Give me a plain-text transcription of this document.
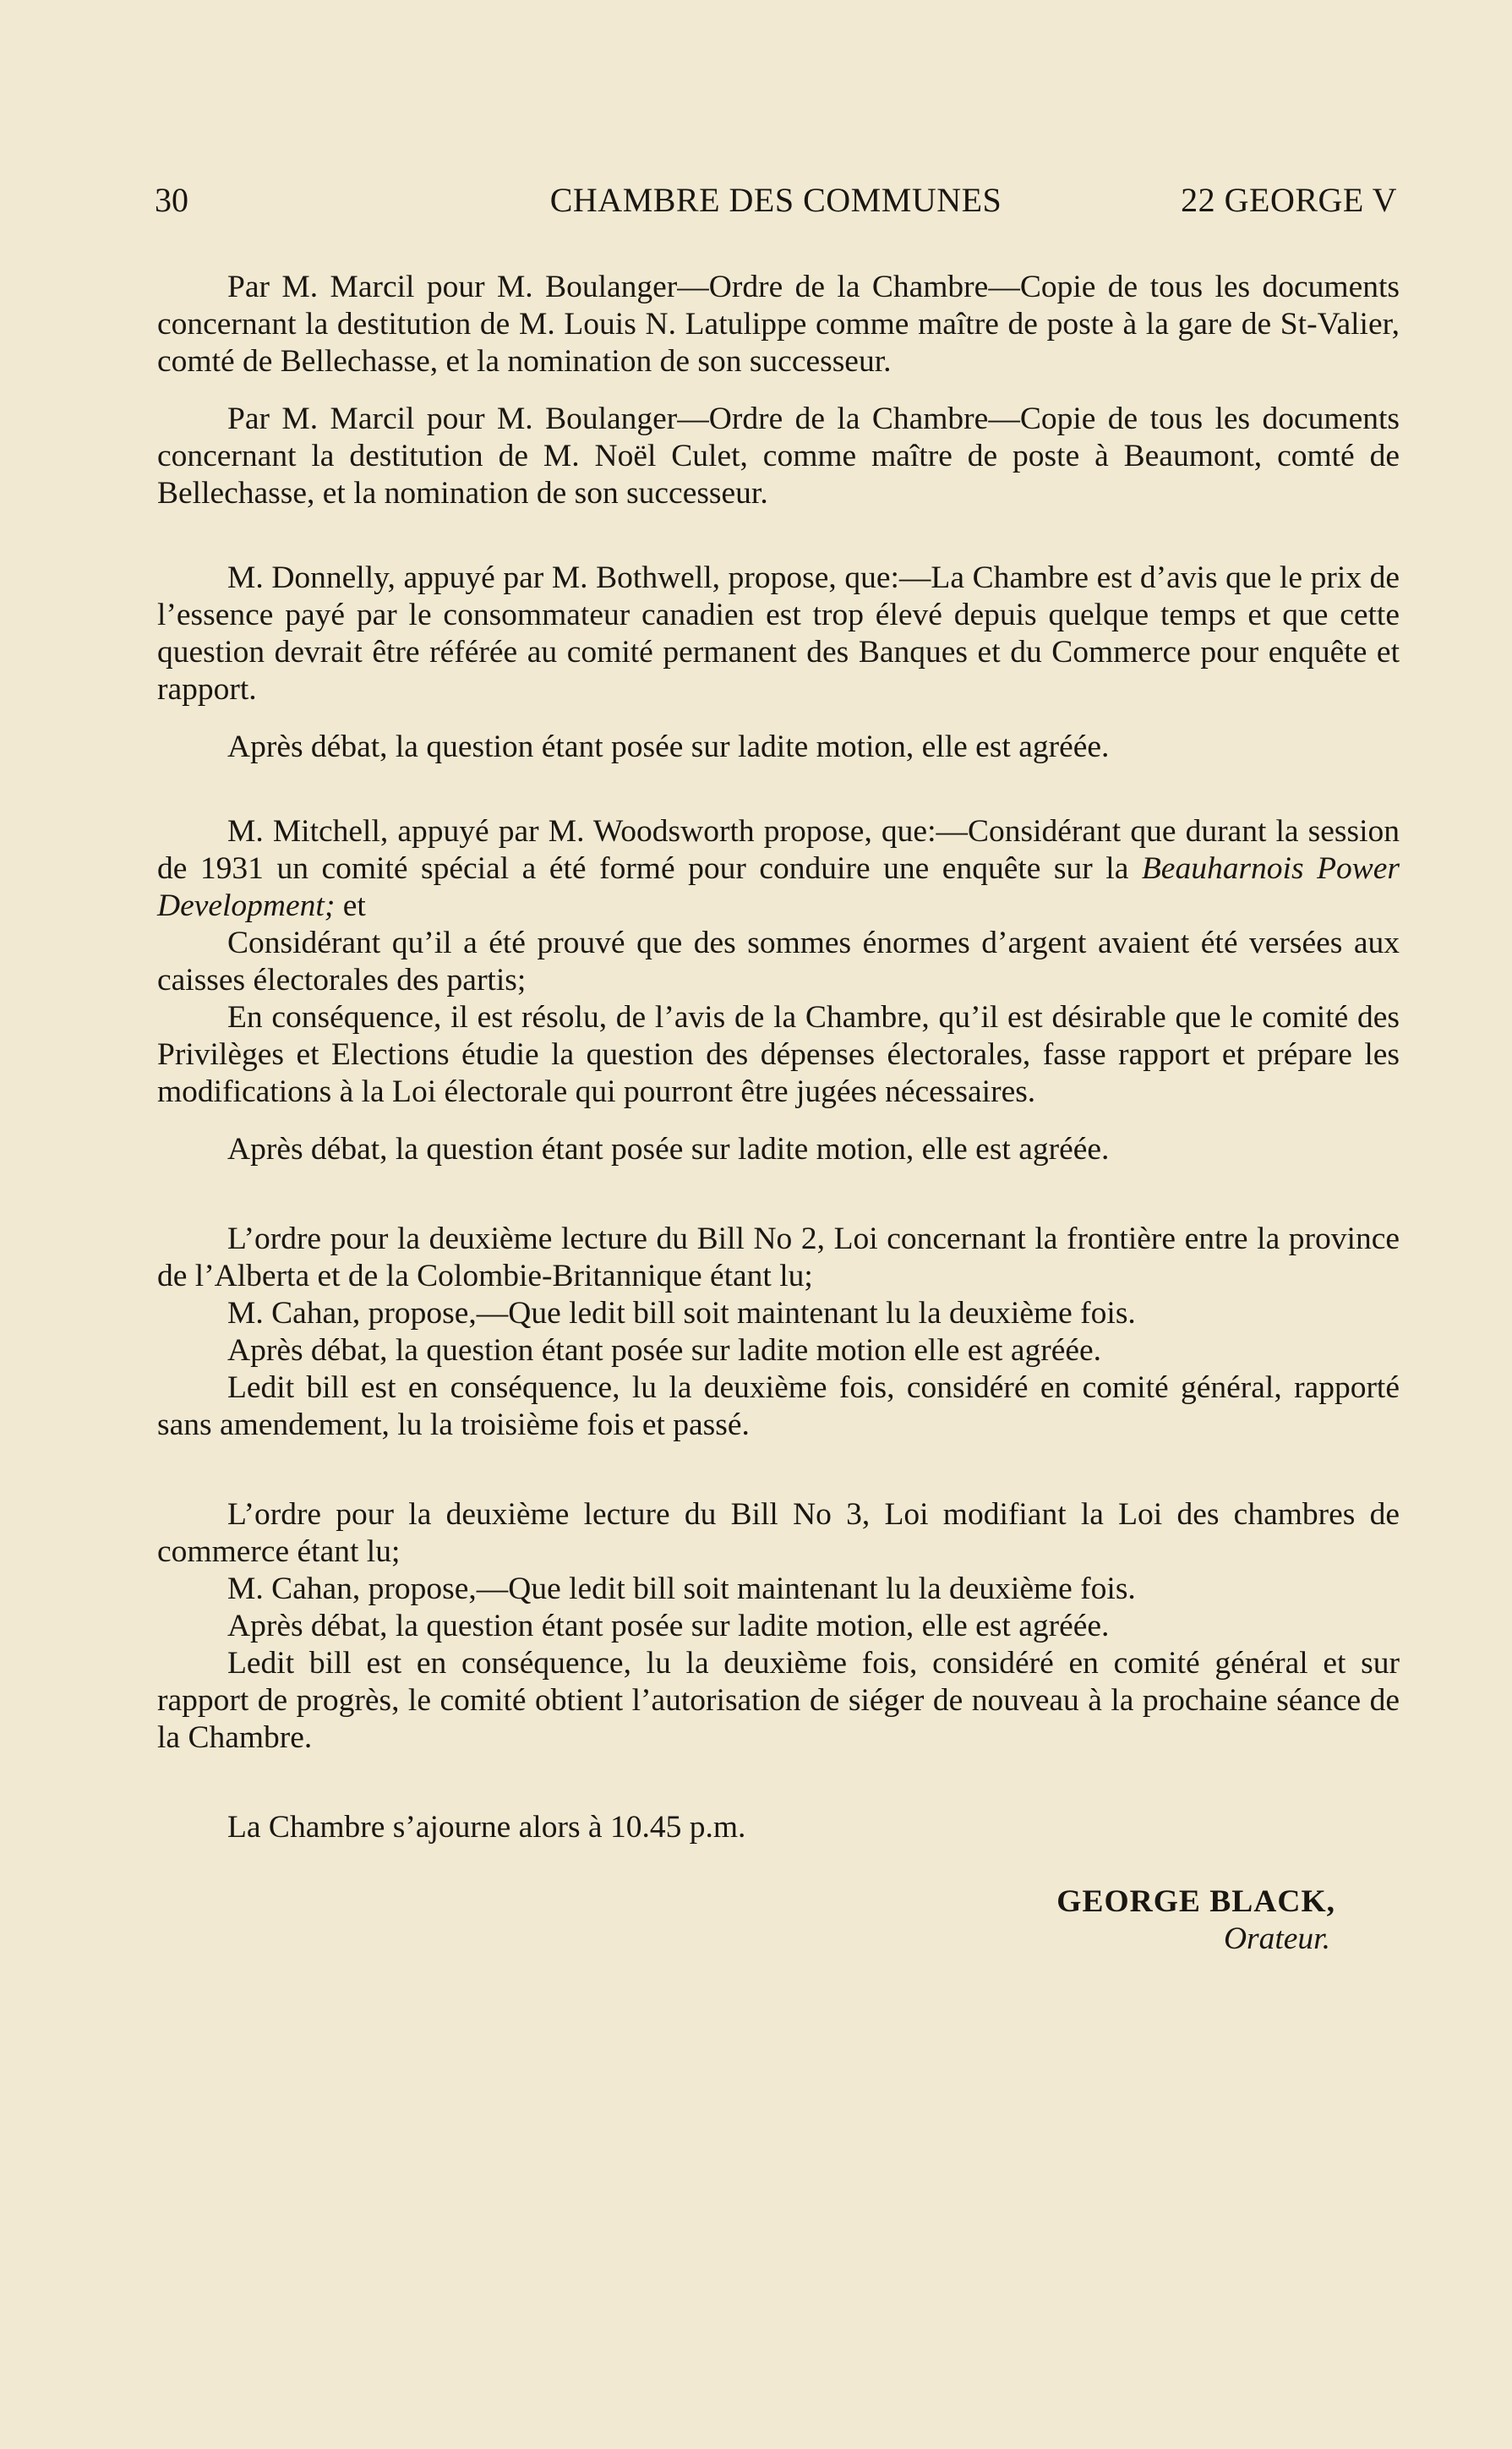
30	CHAMBRE DES COMMUNES	22 GEORGE V

Par M. Marcil pour M. Boulanger—Ordre de la Chambre—Copie de tous les documents concernant la destitution de M. Louis N. Latulippe comme maître de poste à la gare de St-Valier, comté de Bellechasse, et la nomination de son successeur.

Par M. Marcil pour M. Boulanger—Ordre de la Chambre—Copie de tous les documents concernant la destitution de M. Noël Culet, comme maître de poste à Beaumont, comté de Bellechasse, et la nomination de son successeur.

M. Donnelly, appuyé par M. Bothwell, propose, que:—La Chambre est d’avis que le prix de l’essence payé par le consommateur canadien est trop élevé depuis quelque temps et que cette question devrait être référée au comité permanent des Banques et du Commerce pour enquête et rapport.

Après débat, la question étant posée sur ladite motion, elle est agréée.

M. Mitchell, appuyé par M. Woodsworth propose, que:—Considérant que durant la session de 1931 un comité spécial a été formé pour conduire une enquête sur la Beauharnois Power Development; et

Considérant qu’il a été prouvé que des sommes énormes d’argent avaient été versées aux caisses électorales des partis;

En conséquence, il est résolu, de l’avis de la Chambre, qu’il est désirable que le comité des Privilèges et Elections étudie la question des dépenses électorales, fasse rapport et prépare les modifications à la Loi électorale qui pourront être jugées nécessaires.

Après débat, la question étant posée sur ladite motion, elle est agréée.

L’ordre pour la deuxième lecture du Bill No 2, Loi concernant la frontière entre la province de l’Alberta et de la Colombie-Britannique étant lu;

M. Cahan, propose,—Que ledit bill soit maintenant lu la deuxième fois.

Après débat, la question étant posée sur ladite motion elle est agréée.

Ledit bill est en conséquence, lu la deuxième fois, considéré en comité général, rapporté sans amendement, lu la troisième fois et passé.

L’ordre pour la deuxième lecture du Bill No 3, Loi modifiant la Loi des chambres de commerce étant lu;

M. Cahan, propose,—Que ledit bill soit maintenant lu la deuxième fois.

Après débat, la question étant posée sur ladite motion, elle est agréée.

Ledit bill est en conséquence, lu la deuxième fois, considéré en comité général et sur rapport de progrès, le comité obtient l’autorisation de siéger de nouveau à la prochaine séance de la Chambre.

La Chambre s’ajourne alors à 10.45 p.m.

GEORGE BLACK,
Orateur.
